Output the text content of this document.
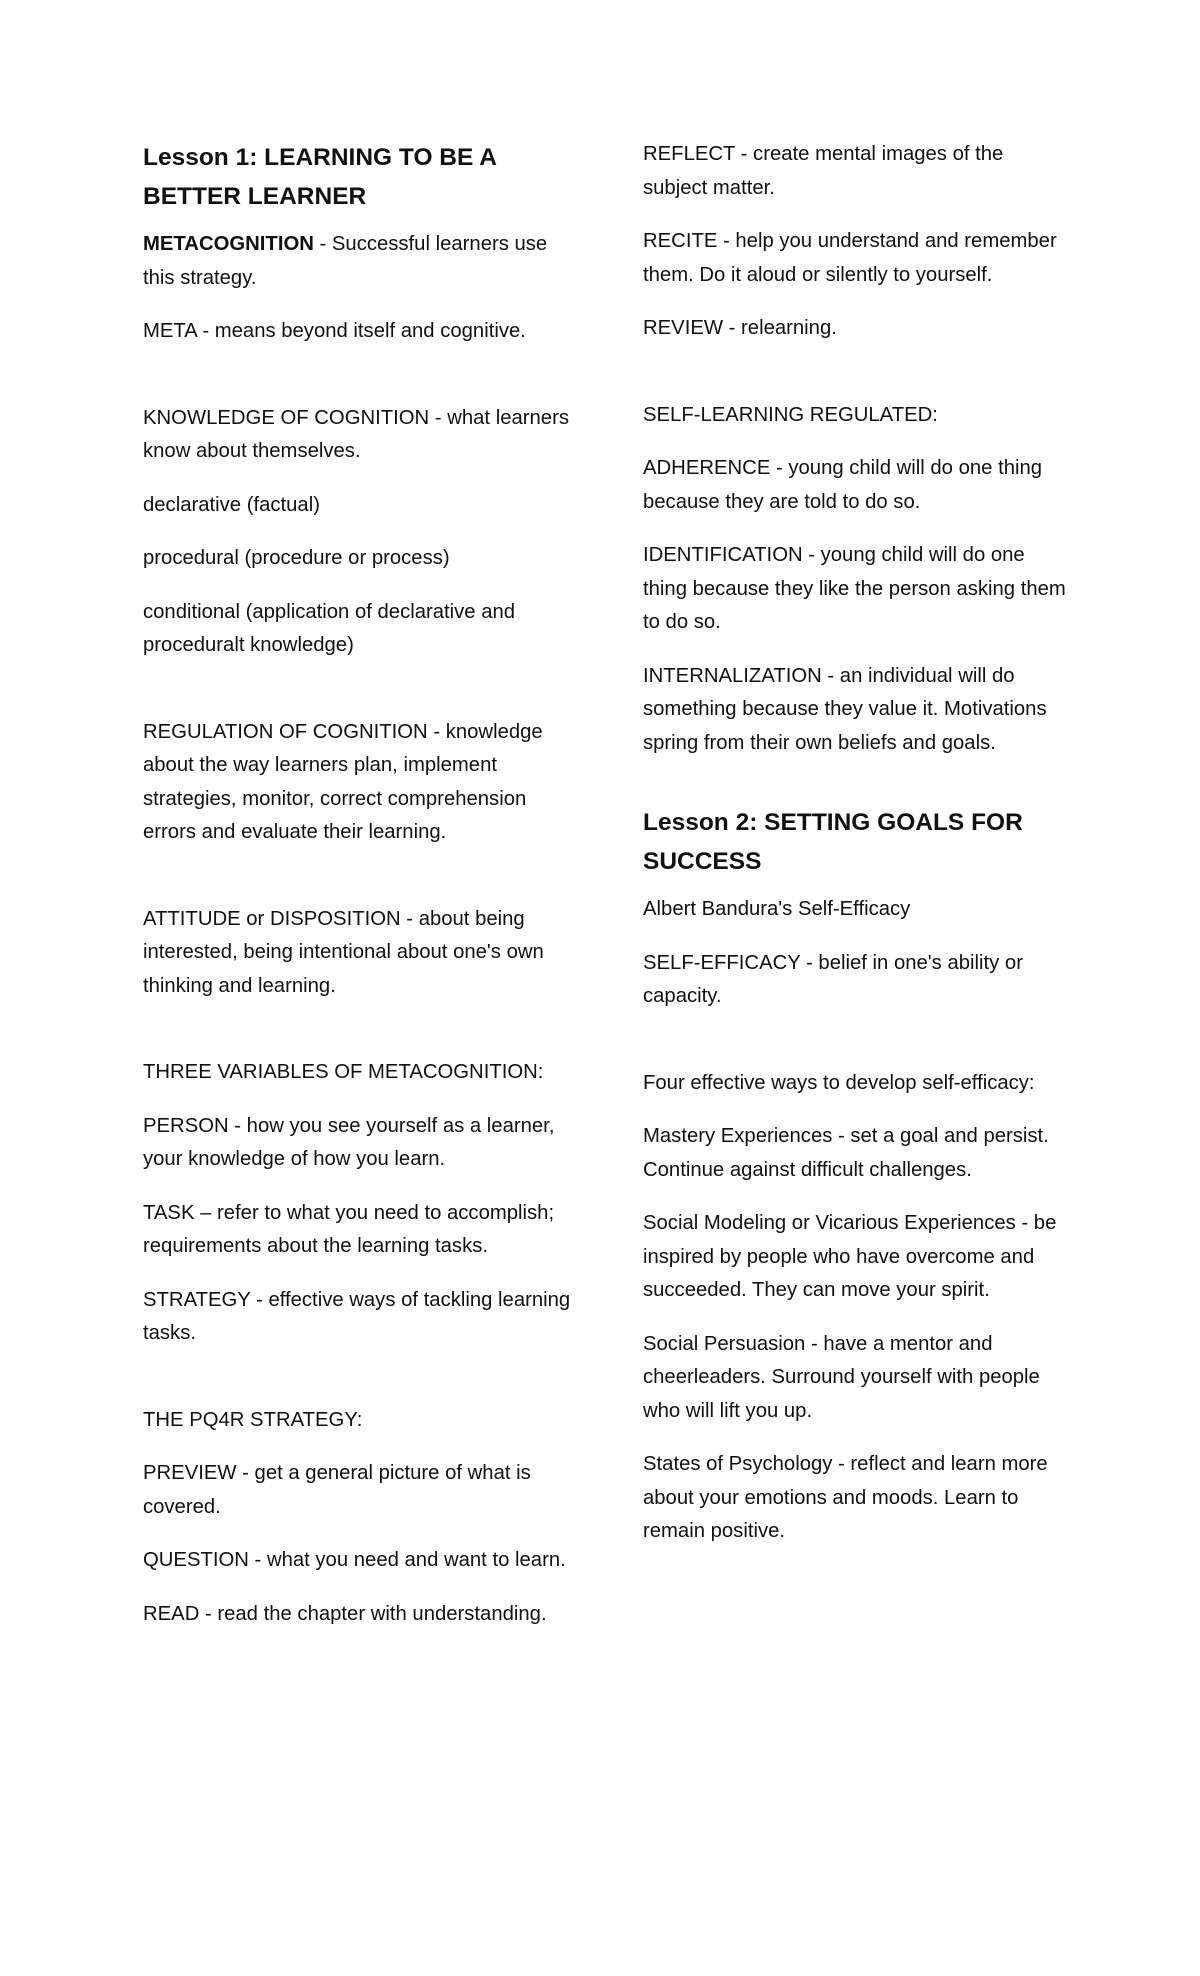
Lesson 1: LEARNING TO BE A BETTER LEARNER
METACOGNITION - Successful learners use this strategy.
META - means beyond itself and cognitive.
KNOWLEDGE OF COGNITION - what learners know about themselves.
declarative (factual)
procedural (procedure or process)
conditional (application of declarative and proceduralt knowledge)
REGULATION OF COGNITION - knowledge about the way learners plan, implement strategies, monitor, correct comprehension errors and evaluate their learning.
ATTITUDE or DISPOSITION - about being interested, being intentional about one's own thinking and learning.
THREE VARIABLES OF METACOGNITION:
PERSON - how you see yourself as a learner, your knowledge of how you learn.
TASK – refer to what you need to accomplish; requirements about the learning tasks.
STRATEGY - effective ways of tackling learning tasks.
THE PQ4R STRATEGY:
PREVIEW - get a general picture of what is covered.
QUESTION - what you need and want to learn.
READ - read the chapter with understanding.
REFLECT - create mental images of the subject matter.
RECITE - help you understand and remember them. Do it aloud or silently to yourself.
REVIEW - relearning.
SELF-LEARNING REGULATED:
ADHERENCE - young child will do one thing because they are told to do so.
IDENTIFICATION - young child will do one thing because they like the person asking them to do so.
INTERNALIZATION - an individual will do something because they value it. Motivations spring from their own beliefs and goals.
Lesson 2: SETTING GOALS FOR SUCCESS
Albert Bandura's Self-Efficacy
SELF-EFFICACY - belief in one's ability or capacity.
Four effective ways to develop self-efficacy:
Mastery Experiences - set a goal and persist. Continue against difficult challenges.
Social Modeling or Vicarious Experiences - be inspired by people who have overcome and succeeded. They can move your spirit.
Social Persuasion - have a mentor and cheerleaders. Surround yourself with people who will lift you up.
States of Psychology - reflect and learn more about your emotions and moods. Learn to remain positive.
